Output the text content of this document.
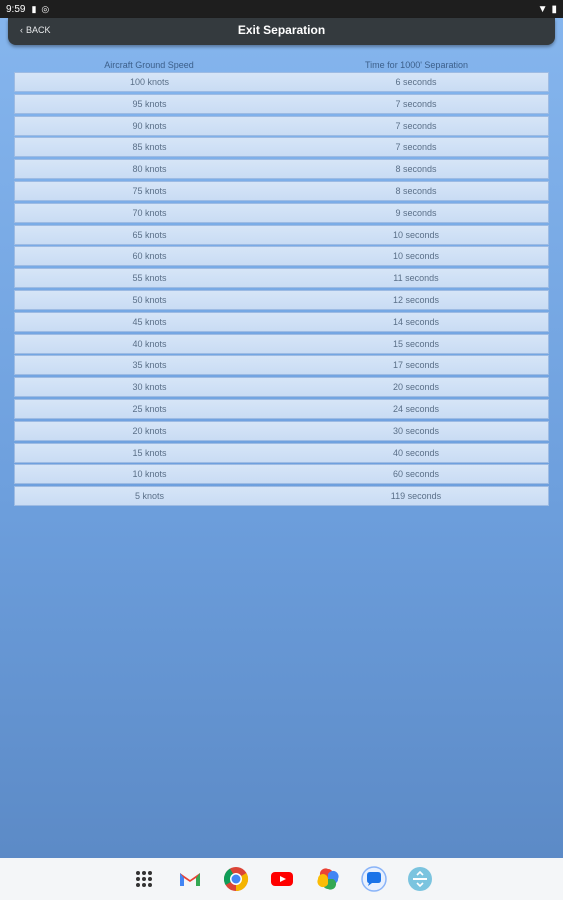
9:59 ▮ ◎	▼ ▮
‹ BACK	Exit Separation
Aircraft Ground Speed	Time for 1000' Separation
100 knots	6 seconds
95 knots	7 seconds
90 knots	7 seconds
85 knots	7 seconds
80 knots	8 seconds
75 knots	8 seconds
70 knots	9 seconds
65 knots	10 seconds
60 knots	10 seconds
55 knots	11 seconds
50 knots	12 seconds
45 knots	14 seconds
40 knots	15 seconds
35 knots	17 seconds
30 knots	20 seconds
25 knots	24 seconds
20 knots	30 seconds
15 knots	40 seconds
10 knots	60 seconds
5 knots	119 seconds
